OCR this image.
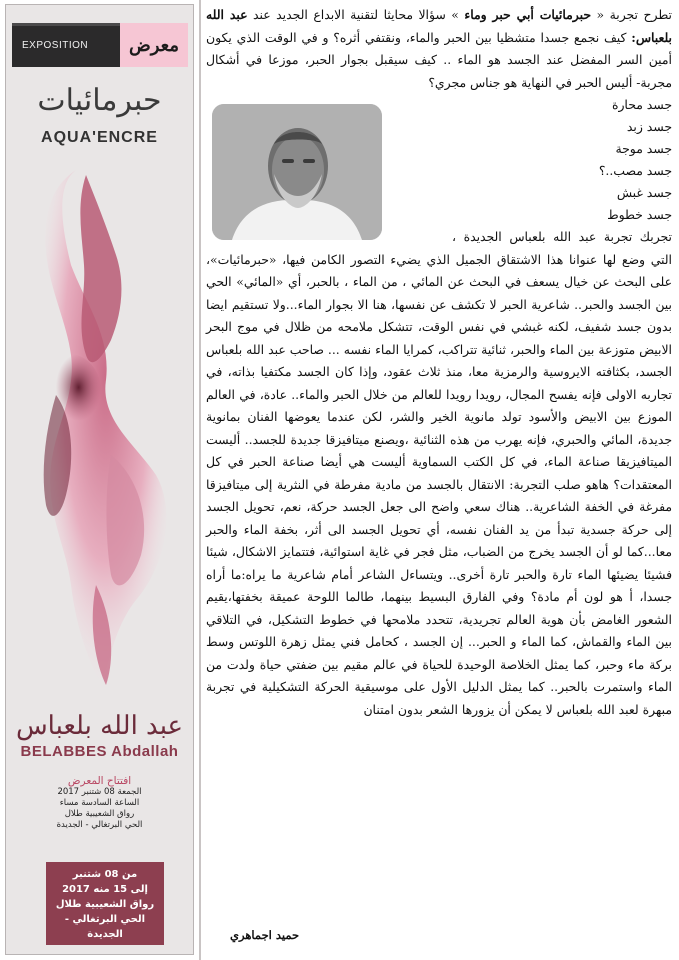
EXPOSITION	معرض
حبرمائيات
AQUA'ENCRE
عبد الله بلعباس
BELABBES Abdallah
افتتاح المعرض
الجمعة 08 شتنبر 2017
الساعة السادسة مساء
رواق الشعيبية طلال
الحي البرتغالي - الجديدة
من 08 شتنبر
إلى 15 منه 2017
رواق الشعيبية طلال
الحي البرتغالي - الجديدة

تطرح تجربة « حبرمائيات أبي حبر وماء » سؤالا محايثا لتقنية الابداع الجديد عند عبد الله بلعباس: كيف نجمع جسدا متشظيا بين الحبر والماء، ونقتفي أثره؟ و في الوقت الذي يكون أمين السر المفضل عند الجسد هو الماء .. كيف سيقبل بجوار الحبر، موزعا في أشكال مجربة- أليس الحبر في النهاية هو جناس مجري؟

جسد محارة
جسد زبد
جسد موجة
جسد مصب..؟
جسد غبش
جسد خطوط

تجربك تجربة عبد الله بلعباس الجديدة ، التي وضع لها عنوانا هذا الاشتقاق الجميل الذي يضيء التصور الكامن فيها، «حبرمائيات»، على البحث عن خيال يسعف في البحث عن المائي ، من الماء ، بالحبر، أي «المائي» الحي بين الجسد والحبر.. شاعرية الحبر لا تكشف عن نفسها، هنا الا بجوار الماء...ولا تستقيم ايضا بدون جسد شفيف، لكنه غبشي في نفس الوقت، تتشكل ملامحه من ظلال في موج البحر الابيض متوزعة بين الماء والحبر، ثنائية تتراكب، كمرايا الماء نفسه ... صاحب عبد الله بلعباس الجسد، بكثافته الايروسية والرمزية معا، منذ ثلاث عقود، وإذا كان الجسد مكتفيا بذاته، في تجاربه الاولى فإنه يفسح المجال، رويدا رويدا للعالم من خلال الحبر والماء.. عادة، في العالم الموزع بين الابيض والأسود تولد مانوية الخير والشر، لكن عندما يعوضها الفنان بمانوية جديدة، المائي والحبري، فإنه يهرب من هذه الثنائية ،ويصنع ميتافيزقا جديدة للجسد.. أليست الميتافيزيقا صناعة الماء، في كل الكتب السماوية أليست هي أيضا صناعة الحبر في كل المعتقدات؟ هاهو صلب التجربة: الانتقال بالجسد من مادية مفرطة في النثرية إلى ميتافيزقا مفرغة في الخفة الشاعرية.. هناك سعي واضح الى جعل الجسد حركة، نعم، تحويل الجسد إلى حركة جسدية تبدأ من يد الفنان نفسه، أي تحويل الجسد الى أثر، بخفة الماء والحبر معا...كما لو أن الجسد يخرج من الضباب، مثل فجر في غاية استوائية، فتتمايز الاشكال، شيئا فشيئا يضيئها الماء تارة والحبر تارة أخرى.. ويتساءل الشاعر أمام شاعرية ما يراه:ما أراه جسدا، أ هو لون أم مادة؟ وفي الفارق البسيط بينهما، طالما اللوحة عميقة بخفتها،يقيم الشعور الغامض بأن هوية العالم تجريدية، تتحدد ملامحها في خطوط التشكيل، في التلاقي بين الماء والقماش، كما الماء و الحبر... إن الجسد ، كحامل فني يمثل زهرة اللوتس وسط بركة ماء وحبر، كما يمثل الخلاصة الوحيدة للحياة في عالم مقيم بين ضفتي حياة ولدت من الماء واستمرت بالحبر.. كما يمثل الدليل الأول على موسيقية الحركة التشكيلية في تجربة مبهرة لعبد الله بلعباس لا يمكن أن يزورها الشعر بدون امتنان

حميد اجماهري
